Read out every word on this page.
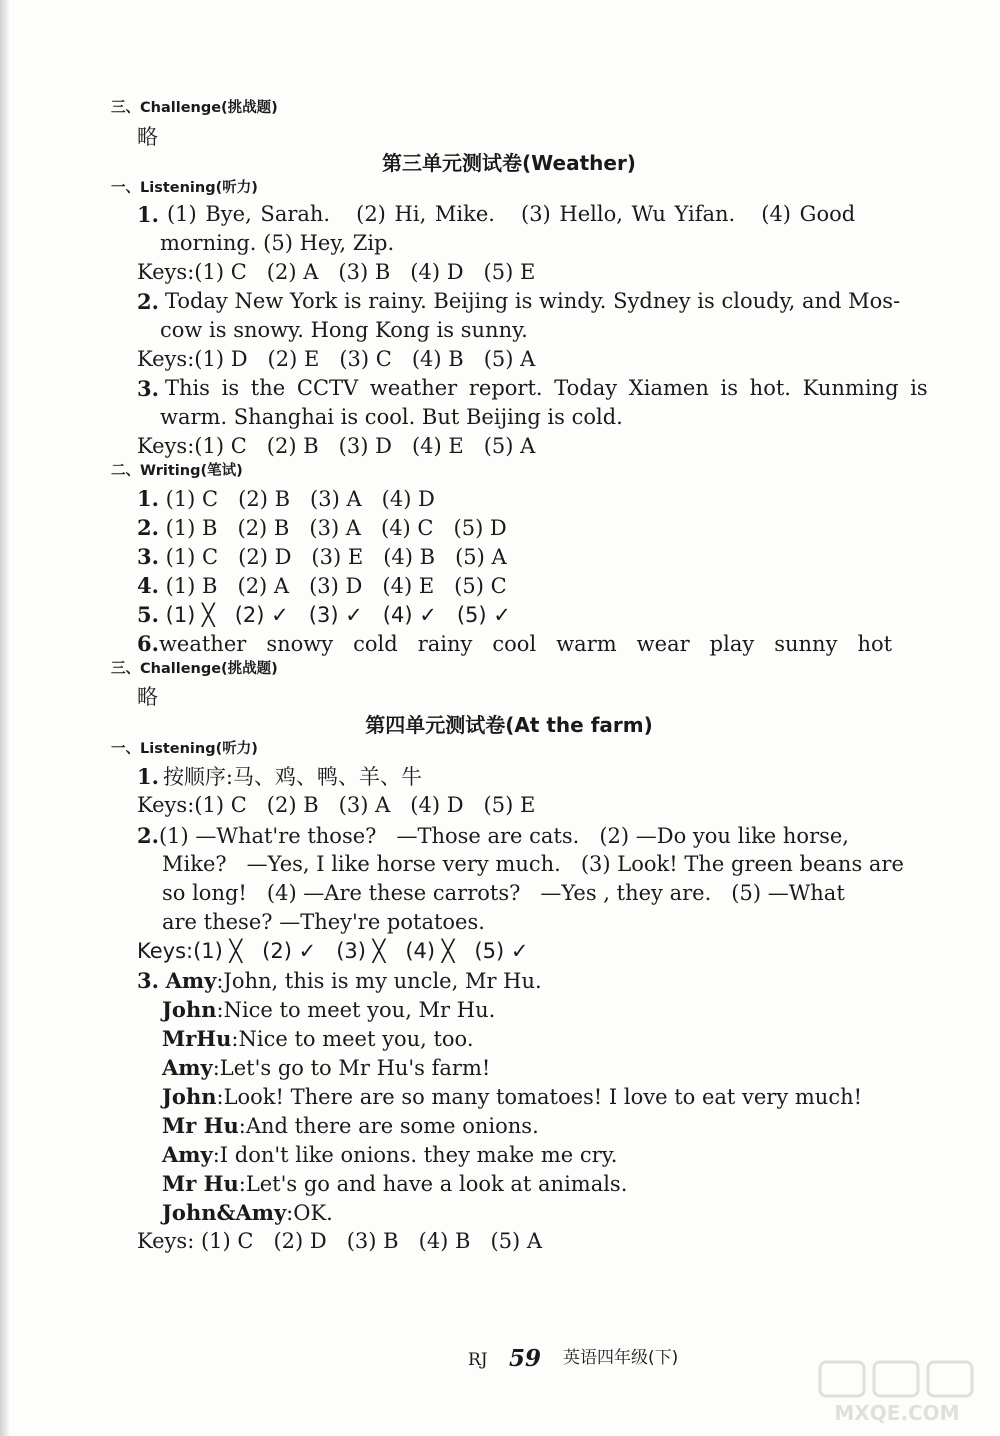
三、Challenge(挑战题)
略
第三单元测试卷(Weather)
一、Listening(听力)
1. (1) Bye, Sarah.   (2) Hi, Mike.   (3) Hello, Wu Yifan.   (4) Good
morning. (5) Hey, Zip.
Keys:(1) C   (2) A   (3) B   (4) D   (5) E
2. Today New York is rainy. Beijing is windy. Sydney is cloudy, and Mos-
cow is snowy. Hong Kong is sunny.
Keys:(1) D   (2) E   (3) C   (4) B   (5) A
3. This is the CCTV weather report. Today Xiamen is hot. Kunming is
warm. Shanghai is cool. But Beijing is cold.
Keys:(1) C   (2) B   (3) D   (4) E   (5) A
二、Writing(笔试)
1. (1) C   (2) B   (3) A   (4) D
2. (1) B   (2) B   (3) A   (4) C   (5) D
3. (1) C   (2) D   (3) E   (4) B   (5) A
4. (1) B   (2) A   (3) D   (4) E   (5) C
5. (1) ╳   (2) ✓   (3) ✓   (4) ✓   (5) ✓
6.weather   snowy   cold   rainy   cool   warm   wear   play   sunny   hot
三、Challenge(挑战题)
略
第四单元测试卷(At the farm)
一、Listening(听力)
1. 按顺序:马、鸡、鸭、羊、牛
Keys:(1) C   (2) B   (3) A   (4) D   (5) E
2.(1) —What're those?   —Those are cats.   (2) —Do you like horse,
Mike?   —Yes, I like horse very much.   (3) Look! The green beans are
so long!   (4) —Are these carrots?   —Yes , they are.   (5) —What
are these? —They're potatoes.
Keys:(1) ╳   (2) ✓   (3) ╳   (4) ╳   (5) ✓
3. Amy:John, this is my uncle, Mr Hu.
John:Nice to meet you, Mr Hu.
MrHu:Nice to meet you, too.
Amy:Let's go to Mr Hu's farm!
John:Look! There are so many tomatoes! I love to eat very much!
Mr Hu:And there are some onions.
Amy:I don't like onions. they make me cry.
Mr Hu:Let's go and have a look at animals.
John&Amy:OK.
Keys: (1) C   (2) D   (3) B   (4) B   (5) A
RJ 59 英语四年级(下)
MXQE.COM
